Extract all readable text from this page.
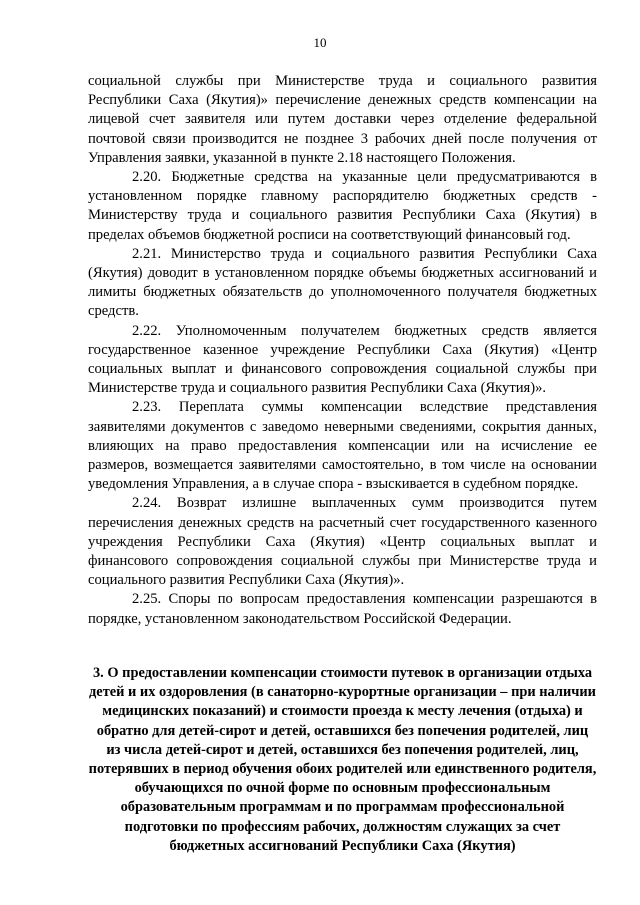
10

социальной службы при Министерстве труда и социального развития Республики Саха (Якутия)» перечисление денежных средств компенсации на лицевой счет заявителя или путем доставки через отделение федеральной почтовой связи производится не позднее 3 рабочих дней после получения от Управления заявки, указанной в пункте 2.18 настоящего Положения.

2.20. Бюджетные средства на указанные цели предусматриваются в установленном порядке главному распорядителю бюджетных средств - Министерству труда и социального развития Республики Саха (Якутия) в пределах объемов бюджетной росписи на соответствующий финансовый год.

2.21. Министерство труда и социального развития Республики Саха (Якутия) доводит в установленном порядке объемы бюджетных ассигнований и лимиты бюджетных обязательств до уполномоченного получателя бюджетных средств.

2.22. Уполномоченным получателем бюджетных средств является государственное казенное учреждение Республики Саха (Якутия) «Центр социальных выплат и финансового сопровождения социальной службы при Министерстве труда и социального развития Республики Саха (Якутия)».

2.23. Переплата суммы компенсации вследствие представления заявителями документов с заведомо неверными сведениями, сокрытия данных, влияющих на право предоставления компенсации или на исчисление ее размеров, возмещается заявителями самостоятельно, в том числе на основании уведомления Управления, а в случае спора - взыскивается в судебном порядке.

2.24. Возврат излишне выплаченных сумм производится путем перечисления денежных средств на расчетный счет государственного казенного учреждения Республики Саха (Якутия) «Центр социальных выплат и финансового сопровождения социальной службы при Министерстве труда и социального развития Республики Саха (Якутия)».

2.25. Споры по вопросам предоставления компенсации разрешаются в порядке, установленном законодательством Российской Федерации.

3. О предоставлении компенсации стоимости путевок в организации отдыха детей и их оздоровления (в санаторно-курортные организации – при наличии медицинских показаний) и стоимости проезда к месту лечения (отдыха) и обратно для детей-сирот и детей, оставшихся без попечения родителей, лиц из числа детей-сирот и детей, оставшихся без попечения родителей, лиц, потерявших в период обучения обоих родителей или единственного родителя, обучающихся по очной форме по основным профессиональным образовательным программам и по программам профессиональной подготовки по профессиям рабочих, должностям служащих за счет бюджетных ассигнований Республики Саха (Якутия)
